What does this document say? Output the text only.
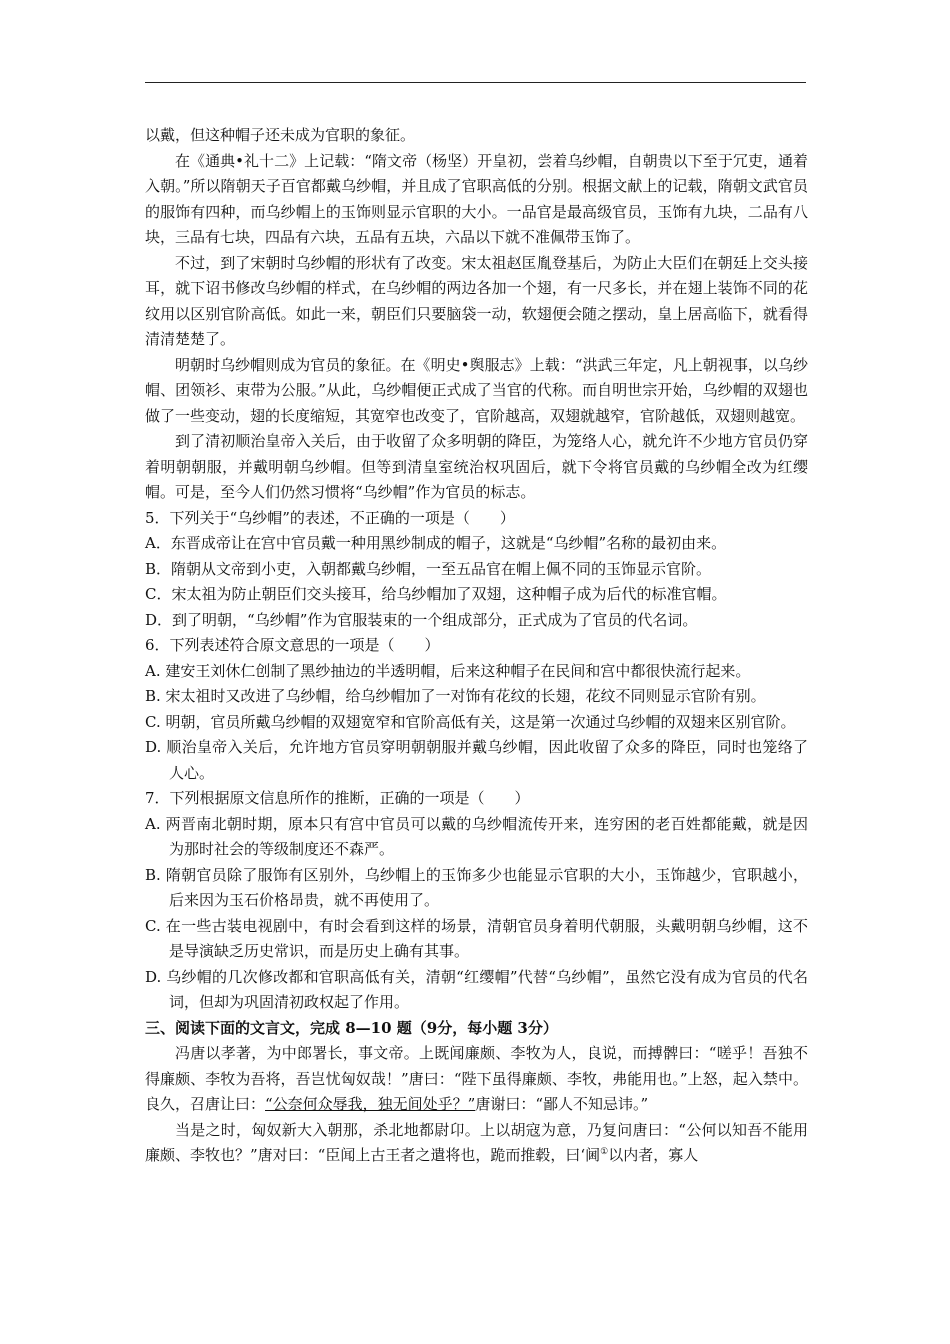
以戴，但这种帽子还未成为官职的象征。

在《通典•礼十二》上记载：“隋文帝（杨坚）开皇初，尝着乌纱帽，自朝贵以下至于冗吏，通着入朝。”所以隋朝天子百官都戴乌纱帽，并且成了官职高低的分别。根据文献上的记载，隋朝文武官员的服饰有四种，而乌纱帽上的玉饰则显示官职的大小。一品官是最高级官员，玉饰有九块，二品有八块，三品有七块，四品有六块，五品有五块，六品以下就不准佩带玉饰了。

不过，到了宋朝时乌纱帽的形状有了改变。宋太祖赵匡胤登基后，为防止大臣们在朝廷上交头接耳，就下诏书修改乌纱帽的样式，在乌纱帽的两边各加一个翅，有一尺多长，并在翅上装饰不同的花纹用以区别官阶高低。如此一来，朝臣们只要脑袋一动，软翅便会随之摆动，皇上居高临下，就看得清清楚楚了。

明朝时乌纱帽则成为官员的象征。在《明史•舆服志》上载：“洪武三年定，凡上朝视事，以乌纱帽、团领衫、束带为公服。”从此，乌纱帽便正式成了当官的代称。而自明世宗开始，乌纱帽的双翅也做了一些变动，翅的长度缩短，其宽窄也改变了，官阶越高，双翅就越窄，官阶越低，双翅则越宽。

到了清初顺治皇帝入关后，由于收留了众多明朝的降臣，为笼络人心，就允许不少地方官员仍穿着明朝朝服，并戴明朝乌纱帽。但等到清皇室统治权巩固后，就下令将官员戴的乌纱帽全改为红缨帽。可是，至今人们仍然习惯将“乌纱帽”作为官员的标志。

5．下列关于“乌纱帽”的表述，不正确的一项是（　　）

A．东晋成帝让在宫中官员戴一种用黑纱制成的帽子，这就是“乌纱帽”名称的最初由来。

B．隋朝从文帝到小吏，入朝都戴乌纱帽，一至五品官在帽上佩不同的玉饰显示官阶。

C．宋太祖为防止朝臣们交头接耳，给乌纱帽加了双翅，这种帽子成为后代的标准官帽。

D．到了明朝，“乌纱帽”作为官服装束的一个组成部分，正式成为了官员的代名词。

6．下列表述符合原文意思的一项是（　　）

A. 建安王刘休仁创制了黑纱抽边的半透明帽，后来这种帽子在民间和宫中都很快流行起来。

B. 宋太祖时又改进了乌纱帽，给乌纱帽加了一对饰有花纹的长翅，花纹不同则显示官阶有别。

C. 明朝，官员所戴乌纱帽的双翅宽窄和官阶高低有关，这是第一次通过乌纱帽的双翅来区别官阶。

D. 顺治皇帝入关后，允许地方官员穿明朝朝服并戴乌纱帽，因此收留了众多的降臣，同时也笼络了人心。

7．下列根据原文信息所作的推断，正确的一项是（　　）

A. 两晋南北朝时期，原本只有宫中官员可以戴的乌纱帽流传开来，连穷困的老百姓都能戴，就是因为那时社会的等级制度还不森严。

B. 隋朝官员除了服饰有区别外，乌纱帽上的玉饰多少也能显示官职的大小，玉饰越少，官职越小，后来因为玉石价格昂贵，就不再使用了。

C. 在一些古装电视剧中，有时会看到这样的场景，清朝官员身着明代朝服，头戴明朝乌纱帽，这不是导演缺乏历史常识，而是历史上确有其事。

D. 乌纱帽的几次修改都和官职高低有关，清朝“红缨帽”代替“乌纱帽”，虽然它没有成为官员的代名词，但却为巩固清初政权起了作用。

三、阅读下面的文言文，完成 8—10 题（9分，每小题 3分）

冯唐以孝著，为中郎署长，事文帝。上既闻廉颇、李牧为人，良说，而搏髀曰：“嗟乎！吾独不得廉颇、李牧为吾将，吾岂忧匈奴哉！”唐曰：“陛下虽得廉颇、李牧，弗能用也。”上怒，起入禁中。良久，召唐让曰：“公奈何众辱我，独无间处乎？”唐谢曰：“鄙人不知忌讳。”

当是之时，匈奴新大入朝那，杀北地都尉卬。上以胡寇为意，乃复问唐曰：“公何以知吾不能用廉颇、李牧也？”唐对曰：“臣闻上古王者之遣将也，跪而推毂，曰‘阃①以内者，寡人
